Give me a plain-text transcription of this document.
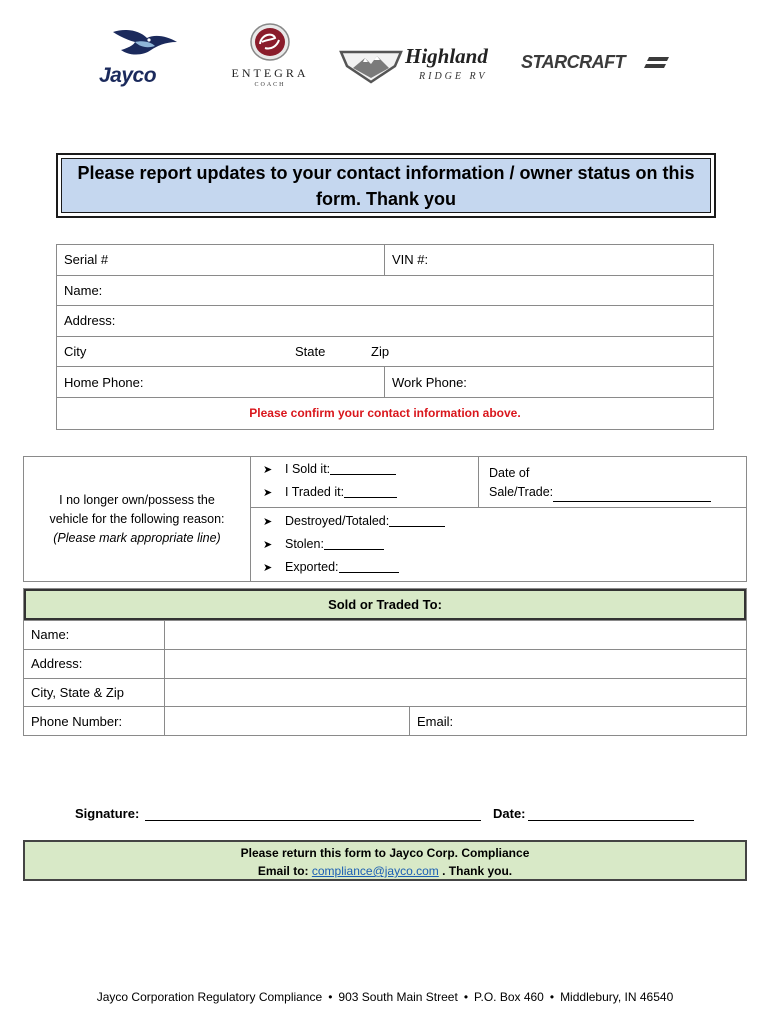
Jayco	ENTEGRA
COACH
Highland
RIDGE RV
STARCRAFT
Please report updates to your contact information / owner status on this form. Thank you
Serial #	VIN #:
Name:
Address:
City	State	Zip
Home Phone:	Work Phone:
Please confirm your contact information above.
I no longer own/possess the
vehicle for the following reason:
(Please mark appropriate line)
➤	I Sold it:
➤	I Traded it:
Date of
Sale/Trade:
➤	Destroyed/Totaled:
➤	Stolen:
➤	Exported:
Sold or Traded To:
Name:
Address:
City, State & Zip
Phone Number:	Email:
Signature:	Date:
Please return this form to Jayco Corp. Compliance
Email to: compliance@jayco.com . Thank you.
Jayco Corporation Regulatory Compliance • 903 South Main Street • P.O. Box 460 • Middlebury, IN 46540
